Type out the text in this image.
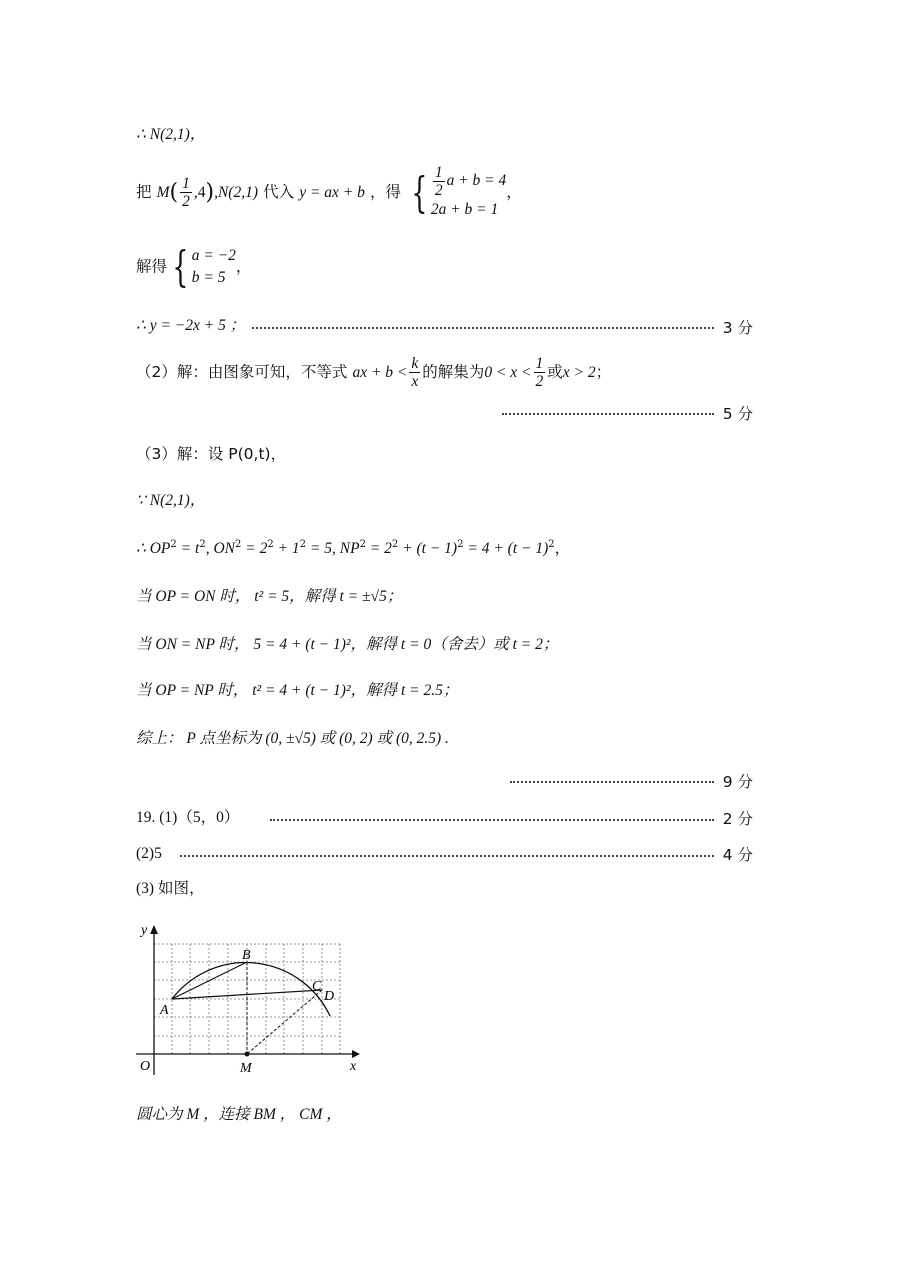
∴ N(2,1)，
把 $M( \frac{1}{2} ,4),N(2,1)$ 代入 y = ax + b ，得 { $\frac{1}{2}$ a + b = 4
2a + b = 1
，
解得 { a = −2
b = 5
，
∴ y = −2x + 5 ；	3 分
（2）解：由图象可知，不等式 ax + $b < \frac{k}{x}$ 的解集为$0 < x < \frac{1}{2}$ 或x > 2；
5 分
（3）解：设 P(0,t)，
∵ N(2,1)，
∴ $OP^2 = t^2$, $ON^2 = 2^2 + 1^2 = 5$, $NP^2 = 2^2 + (t - 1)^2 = 4 + (t - 1)^2$，
当 OP = ON 时， t² = 5，解得 t = ±√5；
当 ON = NP 时， 5 = 4 + (t − 1)²，解得 t = 0（舍去）或 t = 2；
当 OP = NP 时， t² = 4 + (t − 1)²，解得 t = 2.5；
综上： P 点坐标为 (0, ±√5) 或 (0, 2) 或 (0, 2.5) .
9 分
19. (1)（5，0）	2 分
(2)5	4 分
(3) 如图，
y
x
O
A
B
C
D
M
圆心为 M ，连接 BM ， CM ，
